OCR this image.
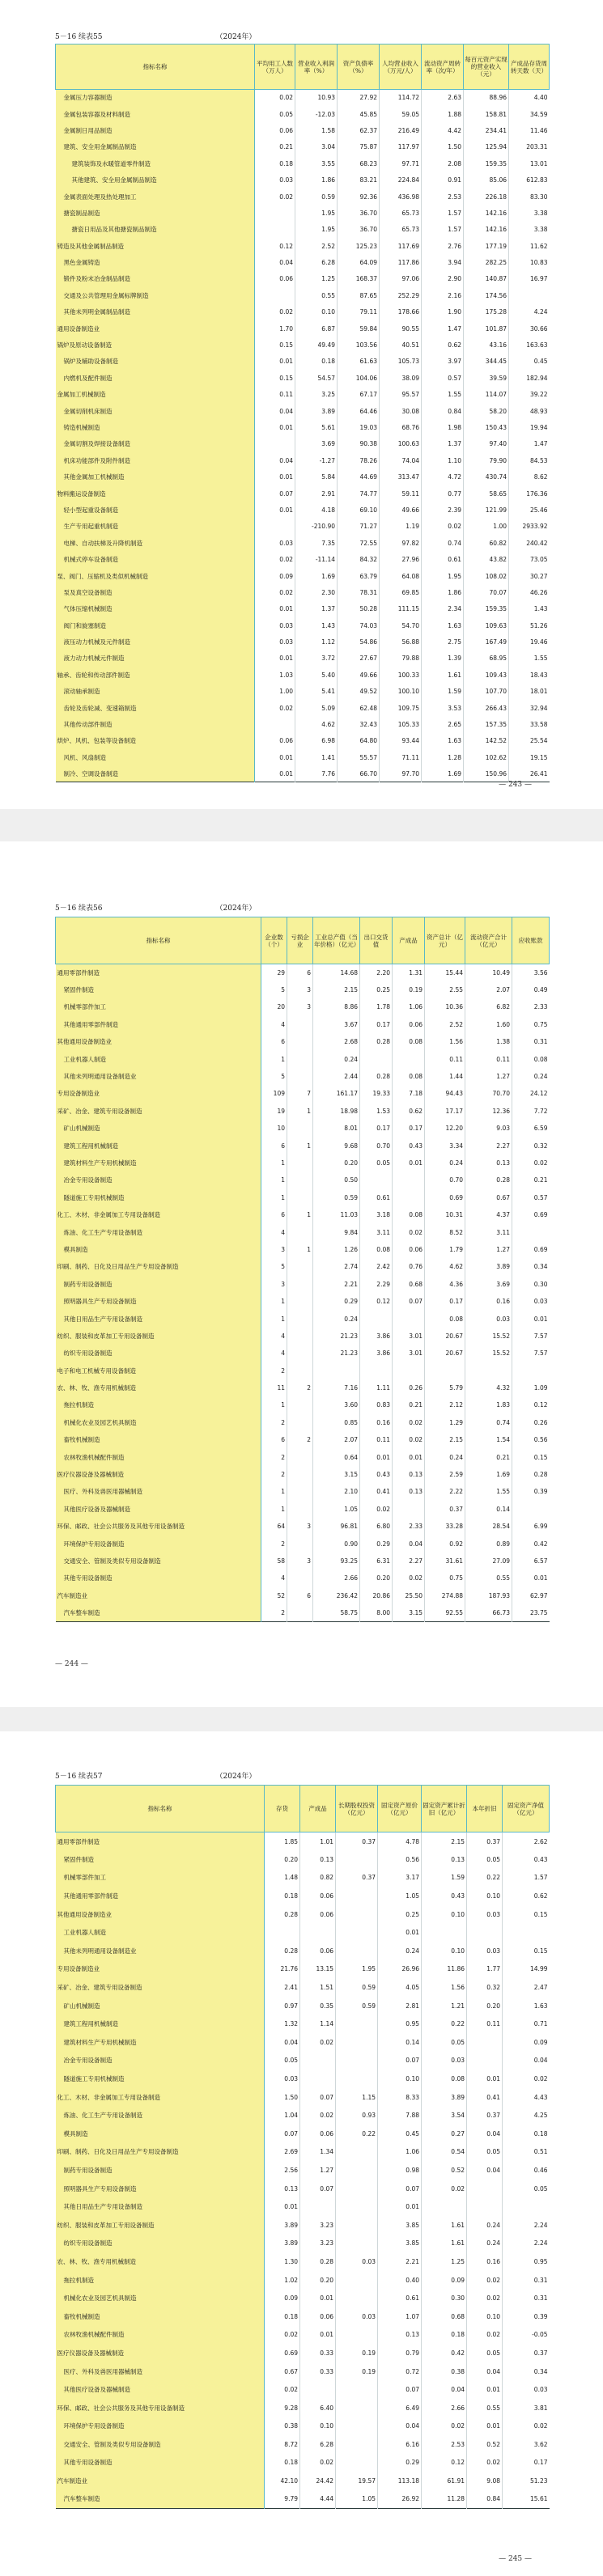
5－16 续表55	（2024年）
指标名称	平均用工人数（万人）	营业收入利润率（%）	资产负债率（%）	人均营业收入（万元/人）	流动资产周转率（次/年）	每百元资产实现的营业收入（元）	产成品存货周转天数（天）
金属压力容器制造	0.02	10.93	27.92	114.72	2.63	88.96	4.40
金属包装容器及材料制造	0.05	-12.03	45.85	59.05	1.88	158.81	34.59
金属制日用品制造	0.06	1.58	62.37	216.49	4.42	234.41	11.46
建筑、安全用金属制品制造	0.21	3.04	75.87	117.97	1.50	125.94	203.31
建筑装饰及水暖管道零件制造	0.18	3.55	68.23	97.71	2.08	159.35	13.01
其他建筑、安全用金属制品制造	0.03	1.86	83.21	224.84	0.91	85.06	612.83
金属表面处理及热处理加工	0.02	0.59	92.36	436.98	2.53	226.18	83.30
搪瓷制品制造		1.95	36.70	65.73	1.57	142.16	3.38
搪瓷日用品及其他搪瓷制品制造		1.95	36.70	65.73	1.57	142.16	3.38
铸造及其他金属制品制造	0.12	2.52	125.23	117.69	2.76	177.19	11.62
黑色金属铸造	0.04	6.28	64.09	117.86	3.94	282.25	10.83
锻件及粉末冶金制品制造	0.06	1.25	168.37	97.06	2.90	140.87	16.97
交通及公共管理用金属标牌制造		0.55	87.65	252.29	2.16	174.56	
其他未列明金属制品制造	0.02	0.10	79.11	178.66	1.90	175.28	4.24
通用设备制造业	1.70	6.87	59.84	90.55	1.47	101.87	30.66
锅炉及原动设备制造	0.15	49.49	103.56	40.51	0.62	43.16	163.63
锅炉及辅助设备制造	0.01	0.18	61.63	105.73	3.97	344.45	0.45
内燃机及配件制造	0.15	54.57	104.06	38.09	0.57	39.59	182.94
金属加工机械制造	0.11	3.25	67.17	95.57	1.55	114.07	39.22
金属切削机床制造	0.04	3.89	64.46	30.08	0.84	58.20	48.93
铸造机械制造	0.01	5.61	19.03	68.76	1.98	150.43	19.94
金属切割及焊接设备制造		3.69	90.38	100.63	1.37	97.40	1.47
机床功能部件及附件制造	0.04	-1.27	78.26	74.04	1.10	79.90	84.53
其他金属加工机械制造	0.01	5.84	44.69	313.47	4.72	430.74	8.62
物料搬运设备制造	0.07	2.91	74.77	59.11	0.77	58.65	176.36
轻小型起重设备制造	0.01	4.18	69.10	49.66	2.39	121.99	25.46
生产专用起重机制造		-210.90	71.27	1.19	0.02	1.00	2933.92
电梯、自动扶梯及升降机制造	0.03	7.35	72.55	97.82	0.74	60.82	240.42
机械式停车设备制造	0.02	-11.14	84.32	27.96	0.61	43.82	73.05
泵、阀门、压缩机及类似机械制造	0.09	1.69	63.79	64.08	1.95	108.02	30.27
泵及真空设备制造	0.02	2.30	78.31	69.85	1.86	70.07	46.26
气体压缩机械制造	0.01	1.37	50.28	111.15	2.34	159.35	1.43
阀门和旋塞制造	0.03	1.43	74.03	54.70	1.63	109.63	51.26
液压动力机械及元件制造	0.03	1.12	54.86	56.88	2.75	167.49	19.46
液力动力机械元件制造	0.01	3.72	27.67	79.88	1.39	68.95	1.55
轴承、齿轮和传动部件制造	1.03	5.40	49.66	100.33	1.61	109.43	18.43
滚动轴承制造	1.00	5.41	49.52	100.10	1.59	107.70	18.01
齿轮及齿轮减、变速箱制造	0.02	5.09	62.48	109.75	3.53	266.43	32.94
其他传动部件制造		4.62	32.43	105.33	2.65	157.35	33.58
烘炉、风机、包装等设备制造	0.06	6.98	64.80	93.44	1.63	142.52	25.54
风机、风扇制造	0.01	1.41	55.57	71.11	1.28	102.62	19.15
制冷、空调设备制造	0.01	7.76	66.70	97.70	1.69	150.96	26.41
— 243 —
5－16 续表56	（2024年）
指标名称	企业数（个）	亏损企业	工业总产值（当年价格）（亿元）	出口交货值	产成品	资产总计（亿元）	流动资产合计（亿元）	应收账款
通用零部件制造	29	6	14.68	2.20	1.31	15.44	10.49	3.56
紧固件制造	5	3	2.15	0.25	0.19	2.55	2.07	0.49
机械零部件加工	20	3	8.86	1.78	1.06	10.36	6.82	2.33
其他通用零部件制造	4		3.67	0.17	0.06	2.52	1.60	0.75
其他通用设备制造业	6		2.68	0.28	0.08	1.56	1.38	0.31
工业机器人制造	1		0.24			0.11	0.11	0.08
其他未列明通用设备制造业	5		2.44	0.28	0.08	1.44	1.27	0.24
专用设备制造业	109	7	161.17	19.33	7.18	94.43	70.70	24.12
采矿、冶金、建筑专用设备制造	19	1	18.98	1.53	0.62	17.17	12.36	7.72
矿山机械制造	10		8.01	0.17	0.17	12.20	9.03	6.59
建筑工程用机械制造	6	1	9.68	0.70	0.43	3.34	2.27	0.32
建筑材料生产专用机械制造	1		0.20	0.05	0.01	0.24	0.13	0.02
冶金专用设备制造	1		0.50			0.70	0.28	0.21
隧道施工专用机械制造	1		0.59	0.61		0.69	0.67	0.57
化工、木材、非金属加工专用设备制造	6	1	11.03	3.18	0.08	10.31	4.37	0.69
炼油、化工生产专用设备制造	4		9.84	3.11	0.02	8.52	3.11	
模具制造	3	1	1.26	0.08	0.06	1.79	1.27	0.69
印刷、制药、日化及日用品生产专用设备制造	5		2.74	2.42	0.76	4.62	3.89	0.34
制药专用设备制造	3		2.21	2.29	0.68	4.36	3.69	0.30
照明器具生产专用设备制造	1		0.29	0.12	0.07	0.17	0.16	0.03
其他日用品生产专用设备制造	1		0.24			0.08	0.03	0.01
纺织、服装和皮革加工专用设备制造	4		21.23	3.86	3.01	20.67	15.52	7.57
纺织专用设备制造	4		21.23	3.86	3.01	20.67	15.52	7.57
电子和电工机械专用设备制造	2							
农、林、牧、渔专用机械制造	11	2	7.16	1.11	0.26	5.79	4.32	1.09
拖拉机制造	1		3.60	0.83	0.21	2.12	1.83	0.12
机械化农业及园艺机具制造	2		0.85	0.16	0.02	1.29	0.74	0.26
畜牧机械制造	6	2	2.07	0.11	0.02	2.15	1.54	0.56
农林牧渔机械配件制造	2		0.64	0.01	0.01	0.24	0.21	0.15
医疗仪器设备及器械制造	2		3.15	0.43	0.13	2.59	1.69	0.28
医疗、外科及兽医用器械制造	1		2.10	0.41	0.13	2.22	1.55	0.39
其他医疗设备及器械制造	1		1.05	0.02		0.37	0.14	
环保、邮政、社会公共服务及其他专用设备制造	64	3	96.81	6.80	2.33	33.28	28.54	6.99
环境保护专用设备制造	2		0.90	0.29	0.04	0.92	0.89	0.42
交通安全、管制及类似专用设备制造	58	3	93.25	6.31	2.27	31.61	27.09	6.57
其他专用设备制造	4		2.66	0.20	0.02	0.75	0.55	0.01
汽车制造业	52	6	236.42	20.86	25.50	274.88	187.93	62.97
汽车整车制造	2		58.75	8.00	3.15	92.55	66.73	23.75
— 244 —
5－16 续表57	（2024年）
指标名称	存货	产成品	长期股权投资（亿元）	固定资产原价（亿元）	固定资产累计折旧（亿元）	本年折旧	固定资产净值（亿元）
通用零部件制造	1.85	1.01	0.37	4.78	2.15	0.37	2.62
紧固件制造	0.20	0.13		0.56	0.13	0.05	0.43
机械零部件加工	1.48	0.82	0.37	3.17	1.59	0.22	1.57
其他通用零部件制造	0.18	0.06		1.05	0.43	0.10	0.62
其他通用设备制造业	0.28	0.06		0.25	0.10	0.03	0.15
工业机器人制造				0.01			
其他未列明通用设备制造业	0.28	0.06		0.24	0.10	0.03	0.15
专用设备制造业	21.76	13.15	1.95	26.96	11.86	1.77	14.99
采矿、冶金、建筑专用设备制造	2.41	1.51	0.59	4.05	1.56	0.32	2.47
矿山机械制造	0.97	0.35	0.59	2.81	1.21	0.20	1.63
建筑工程用机械制造	1.32	1.14		0.95	0.22	0.11	0.71
建筑材料生产专用机械制造	0.04	0.02		0.14	0.05		0.09
冶金专用设备制造	0.05			0.07	0.03		0.04
隧道施工专用机械制造	0.03			0.10	0.08	0.01	0.02
化工、木材、非金属加工专用设备制造	1.50	0.07	1.15	8.33	3.89	0.41	4.43
炼油、化工生产专用设备制造	1.04	0.02	0.93	7.88	3.54	0.37	4.25
模具制造	0.07	0.06	0.22	0.45	0.27	0.04	0.18
印刷、制药、日化及日用品生产专用设备制造	2.69	1.34		1.06	0.54	0.05	0.51
制药专用设备制造	2.56	1.27		0.98	0.52	0.04	0.46
照明器具生产专用设备制造	0.13	0.07		0.07	0.02		0.05
其他日用品生产专用设备制造	0.01			0.01			
纺织、服装和皮革加工专用设备制造	3.89	3.23		3.85	1.61	0.24	2.24
纺织专用设备制造	3.89	3.23		3.85	1.61	0.24	2.24
农、林、牧、渔专用机械制造	1.30	0.28	0.03	2.21	1.25	0.16	0.95
拖拉机制造	1.02	0.20		0.40	0.09	0.02	0.31
机械化农业及园艺机具制造	0.09	0.01		0.61	0.30	0.02	0.31
畜牧机械制造	0.18	0.06	0.03	1.07	0.68	0.10	0.39
农林牧渔机械配件制造	0.02	0.01		0.13	0.18	0.02	-0.05
医疗仪器设备及器械制造	0.69	0.33	0.19	0.79	0.42	0.05	0.37
医疗、外科及兽医用器械制造	0.67	0.33	0.19	0.72	0.38	0.04	0.34
其他医疗设备及器械制造	0.02			0.07	0.04	0.01	0.03
环保、邮政、社会公共服务及其他专用设备制造	9.28	6.40		6.49	2.66	0.55	3.81
环境保护专用设备制造	0.38	0.10		0.04	0.02	0.01	0.02
交通安全、管制及类似专用设备制造	8.72	6.28		6.16	2.53	0.52	3.62
其他专用设备制造	0.18	0.02		0.29	0.12	0.02	0.17
汽车制造业	42.10	24.42	19.57	113.18	61.91	9.08	51.23
汽车整车制造	9.79	4.44	1.05	26.92	11.28	0.84	15.61
— 245 —
